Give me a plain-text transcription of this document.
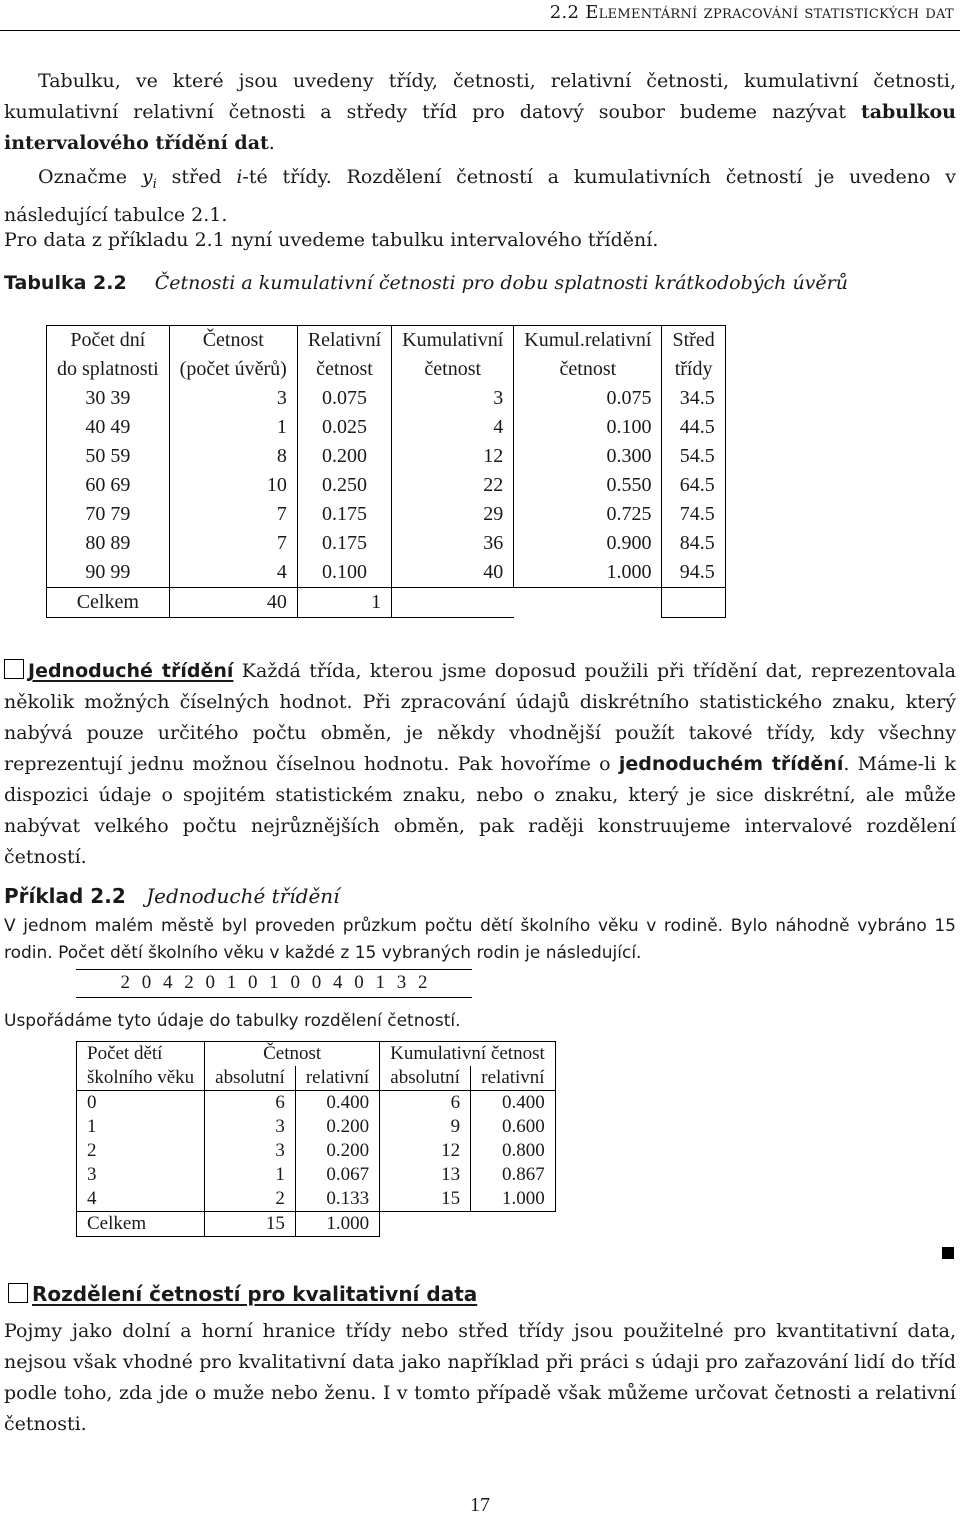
2.2 Elementární zpracování statistických dat
Tabulku, ve které jsou uvedeny třídy, četnosti, relativní četnosti, kumulativní četnosti, kumulativní relativní četnosti a středy tříd pro datový soubor budeme nazývat tabulkou intervalového třídění dat.
Označme $y_i$ střed i-té třídy. Rozdělení četností a kumulativních četností je uvedeno v následující tabulce 2.1.
Pro data z příkladu 2.1 nyní uvedeme tabulku intervalového třídění.
Tabulka 2.2 Četnosti a kumulativní četnosti pro dobu splatnosti krátkodobých úvěrů
Počet dní	Četnost	Relativní	Kumulativní	Kumul.relativní	Střed
do splatnosti	(počet úvěrů)	četnost	četnost	četnost	třídy
30 39	3	0.075	3	0.075	34.5
40 49	1	0.025	4	0.100	44.5
50 59	8	0.200	12	0.300	54.5
60 69	10	0.250	22	0.550	64.5
70 79	7	0.175	29	0.725	74.5
80 89	7	0.175	36	0.900	84.5
90 99	4	0.100	40	1.000	94.5
Celkem	40	1			
Jednoduché třídění Každá třída, kterou jsme doposud použili při třídění dat, reprezentovala několik možných číselných hodnot. Při zpracování údajů diskrétního statistického znaku, který nabývá pouze určitého počtu obměn, je někdy vhodnější použít takové třídy, kdy všechny reprezentují jednu možnou číselnou hodnotu. Pak hovoříme o jednoduchém třídění. Máme-li k dispozici údaje o spojitém statistickém znaku, nebo o znaku, který je sice diskrétní, ale může nabývat velkého počtu nejrůznějších obměn, pak raději konstruujeme intervalové rozdělení četností.
Příklad 2.2 Jednoduché třídění
V jednom malém městě byl proveden průzkum počtu dětí školního věku v rodině. Bylo náhodně vybráno 15 rodin. Počet dětí školního věku v každé z 15 vybraných rodin je následující.
2 0 4 2 0 1 0 1 0 0 4 0 1 3 2
Uspořádáme tyto údaje do tabulky rozdělení četností.
Počet dětí	Četnost		Kumulativní četnost	
školního věku	absolutní	relativní	absolutní	relativní
0	6	0.400	6	0.400
1	3	0.200	9	0.600
2	3	0.200	12	0.800
3	1	0.067	13	0.867
4	2	0.133	15	1.000
Celkem	15	1.000		
Rozdělení četností pro kvalitativní data
Pojmy jako dolní a horní hranice třídy nebo střed třídy jsou použitelné pro kvantitativní data, nejsou však vhodné pro kvalitativní data jako například při práci s údaji pro zařazování lidí do tříd podle toho, zda jde o muže nebo ženu. I v tomto případě však můžeme určovat četnosti a relativní četnosti.
17
